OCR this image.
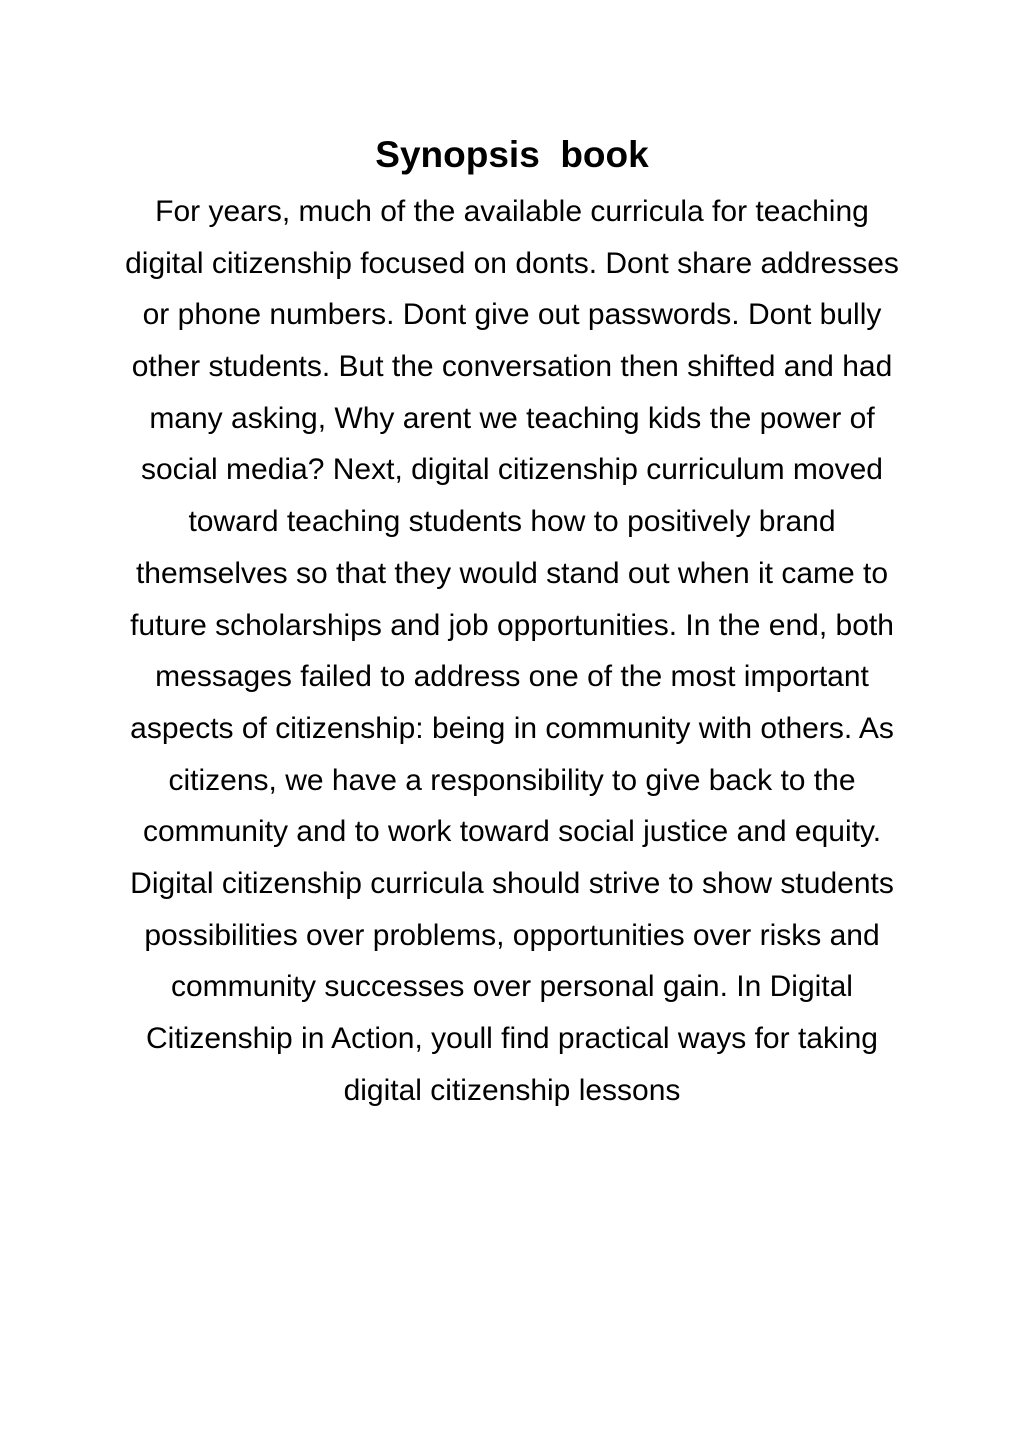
Synopsis  book
For years, much of the available curricula for teaching
digital citizenship focused on donts. Dont share addresses
or phone numbers. Dont give out passwords. Dont bully
other students. But the conversation then shifted and had
many asking, Why arent we teaching kids the power of
social media? Next, digital citizenship curriculum moved
toward teaching students how to positively brand
themselves so that they would stand out when it came to
future scholarships and job opportunities. In the end, both
messages failed to address one of the most important
aspects of citizenship: being in community with others. As
citizens, we have a responsibility to give back to the
community and to work toward social justice and equity.
Digital citizenship curricula should strive to show students
possibilities over problems, opportunities over risks and
community successes over personal gain. In Digital
Citizenship in Action, youll find practical ways for taking
digital citizenship lessons
